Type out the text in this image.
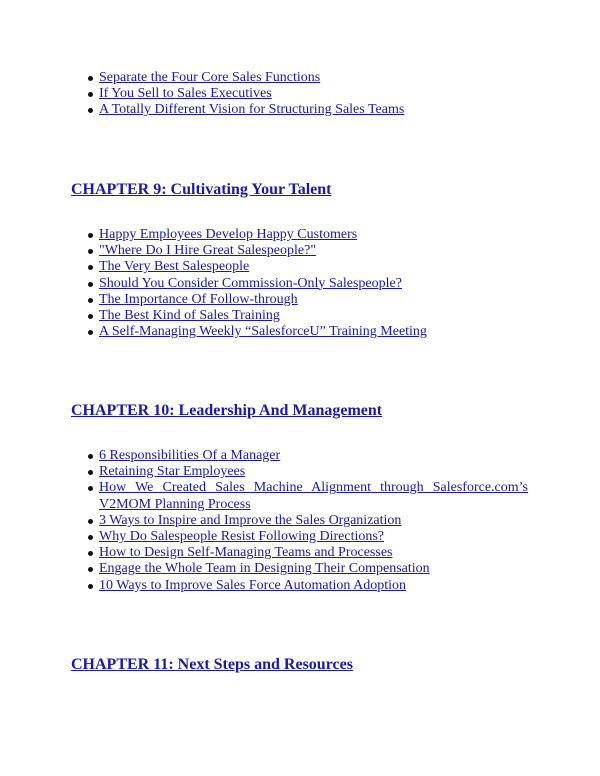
Separate the Four Core Sales Functions
If You Sell to Sales Executives
A Totally Different Vision for Structuring Sales Teams
CHAPTER 9: Cultivating Your Talent
Happy Employees Develop Happy Customers
"Where Do I Hire Great Salespeople?"
The Very Best Salespeople
Should You Consider Commission-Only Salespeople?
The Importance Of Follow-through
The Best Kind of Sales Training
A Self-Managing Weekly “SalesforceU” Training Meeting
CHAPTER 10: Leadership And Management
6 Responsibilities Of a Manager
Retaining Star Employees
How We Created Sales Machine Alignment through Salesforce.com’s
V2MOM Planning Process
3 Ways to Inspire and Improve the Sales Organization
Why Do Salespeople Resist Following Directions?
How to Design Self-Managing Teams and Processes
Engage the Whole Team in Designing Their Compensation
10 Ways to Improve Sales Force Automation Adoption
CHAPTER 11: Next Steps and Resources
